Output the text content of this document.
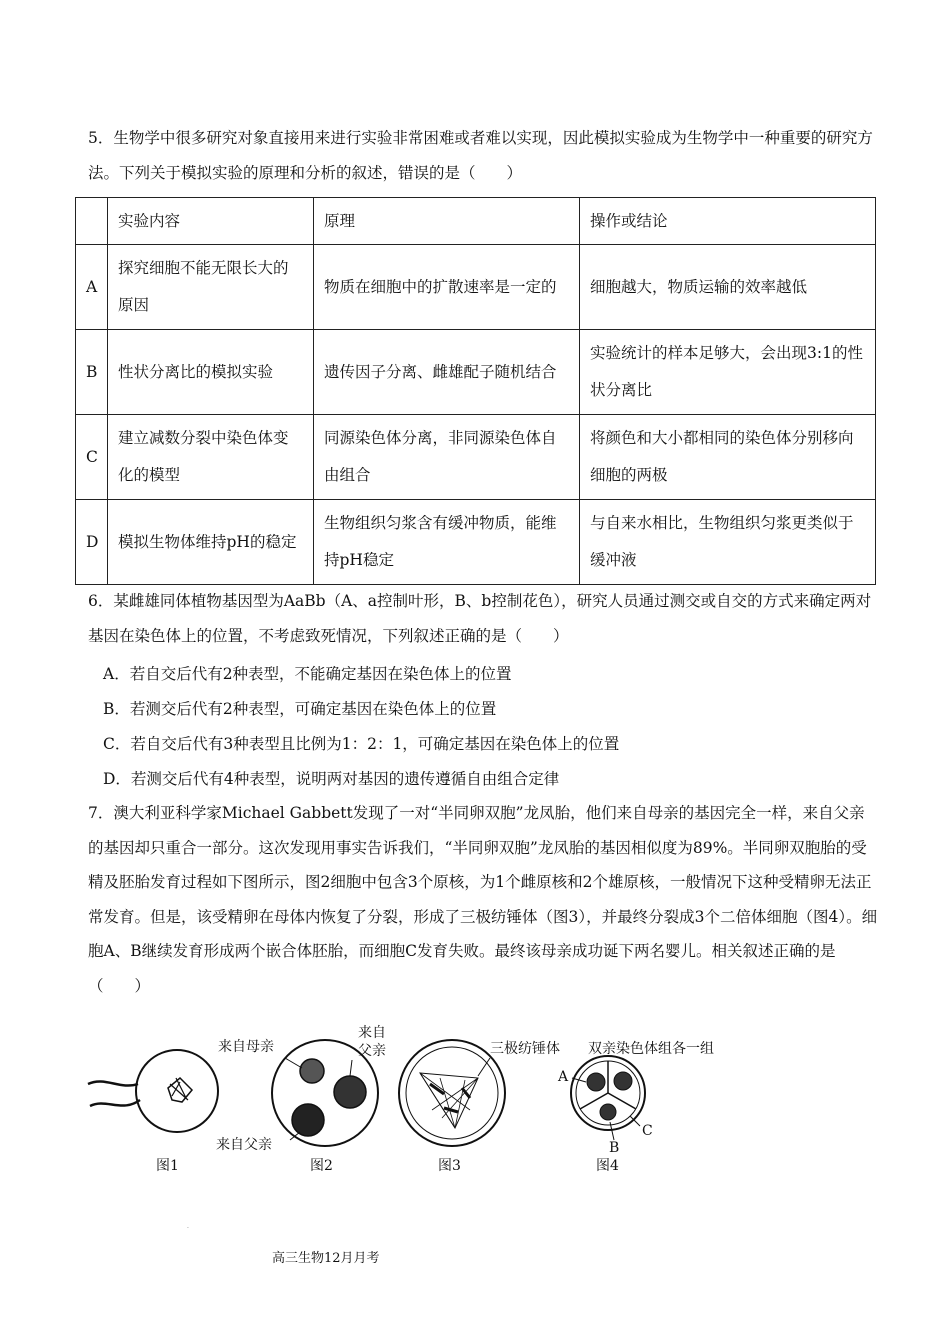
5．生物学中很多研究对象直接用来进行实验非常困难或者难以实现，因此模拟实验成为生物学中一种重要的研究方法。下列关于模拟实验的原理和分析的叙述，错误的是（　　）
	实验内容	原理	操作或结论
A	探究细胞不能无限长大的原因	物质在细胞中的扩散速率是一定的	细胞越大，物质运输的效率越低
B	性状分离比的模拟实验	遗传因子分离、雌雄配子随机结合	实验统计的样本足够大，会出现3:1的性状分离比
C	建立减数分裂中染色体变化的模型	同源染色体分离，非同源染色体自由组合	将颜色和大小都相同的染色体分别移向细胞的两极
D	模拟生物体维持pH的稳定	生物组织匀浆含有缓冲物质，能维持pH稳定	与自来水相比，生物组织匀浆更类似于缓冲液
6．某雌雄同体植物基因型为AaBb（A、a控制叶形，B、b控制花色），研究人员通过测交或自交的方式来确定两对基因在染色体上的位置，不考虑致死情况，下列叙述正确的是（　　）
A．若自交后代有2种表型，不能确定基因在染色体上的位置
B．若测交后代有2种表型，可确定基因在染色体上的位置
C．若自交后代有3种表型且比例为1：2：1，可确定基因在染色体上的位置
D．若测交后代有4种表型，说明两对基因的遗传遵循自由组合定律
7．澳大利亚科学家Michael Gabbett发现了一对“半同卵双胞”龙凤胎，他们来自母亲的基因完全一样，来自父亲的基因却只重合一部分。这次发现用事实告诉我们，“半同卵双胞”龙凤胎的基因相似度为89%。半同卵双胞胎的受精及胚胎发育过程如下图所示，图2细胞中包含3个原核，为1个雌原核和2个雄原核，一般情况下这种受精卵无法正常发育。但是，该受精卵在母体内恢复了分裂，形成了三极纺锤体（图3），并最终分裂成3个二倍体细胞（图4）。细胞A、B继续发育形成两个嵌合体胚胎，而细胞C发育失败。最终该母亲成功诞下两名婴儿。相关叙述正确的是（　　）
来自母亲
来自
父亲
来自父亲
三极纺锤体 双亲染色体组各一组
A
C
B
图1	图2	图3	图4
.
高三生物12月月考
